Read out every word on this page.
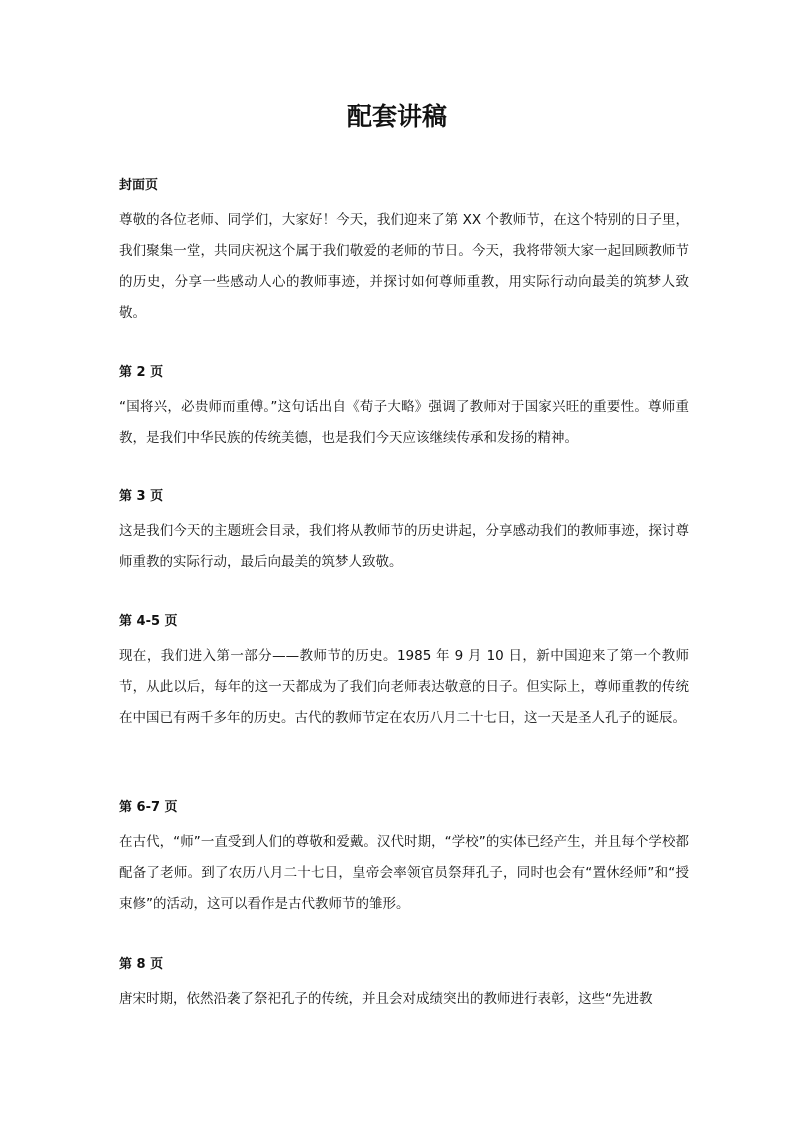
配套讲稿

封面页

尊敬的各位老师、同学们，大家好！今天，我们迎来了第 XX 个教师节，在这个特别的日子里，我们聚集一堂，共同庆祝这个属于我们敬爱的老师的节日。今天，我将带领大家一起回顾教师节的历史，分享一些感动人心的教师事迹，并探讨如何尊师重教，用实际行动向最美的筑梦人致敬。

第 2 页

“国将兴，必贵师而重傅。”这句话出自《荀子大略》强调了教师对于国家兴旺的重要性。尊师重教，是我们中华民族的传统美德，也是我们今天应该继续传承和发扬的精神。

第 3 页

这是我们今天的主题班会目录，我们将从教师节的历史讲起，分享感动我们的教师事迹，探讨尊师重教的实际行动，最后向最美的筑梦人致敬。

第 4-5 页

现在，我们进入第一部分——教师节的历史。1985 年 9 月 10 日，新中国迎来了第一个教师节，从此以后，每年的这一天都成为了我们向老师表达敬意的日子。但实际上，尊师重教的传统在中国已有两千多年的历史。古代的教师节定在农历八月二十七日，这一天是圣人孔子的诞辰。

第 6-7 页

在古代，“师”一直受到人们的尊敬和爱戴。汉代时期，“学校”的实体已经产生，并且每个学校都配备了老师。到了农历八月二十七日，皇帝会率领官员祭拜孔子，同时也会有“置休经师”和“授束修”的活动，这可以看作是古代教师节的雏形。

第 8 页

唐宋时期，依然沿袭了祭祀孔子的传统，并且会对成绩突出的教师进行表彰，这些“先进教
